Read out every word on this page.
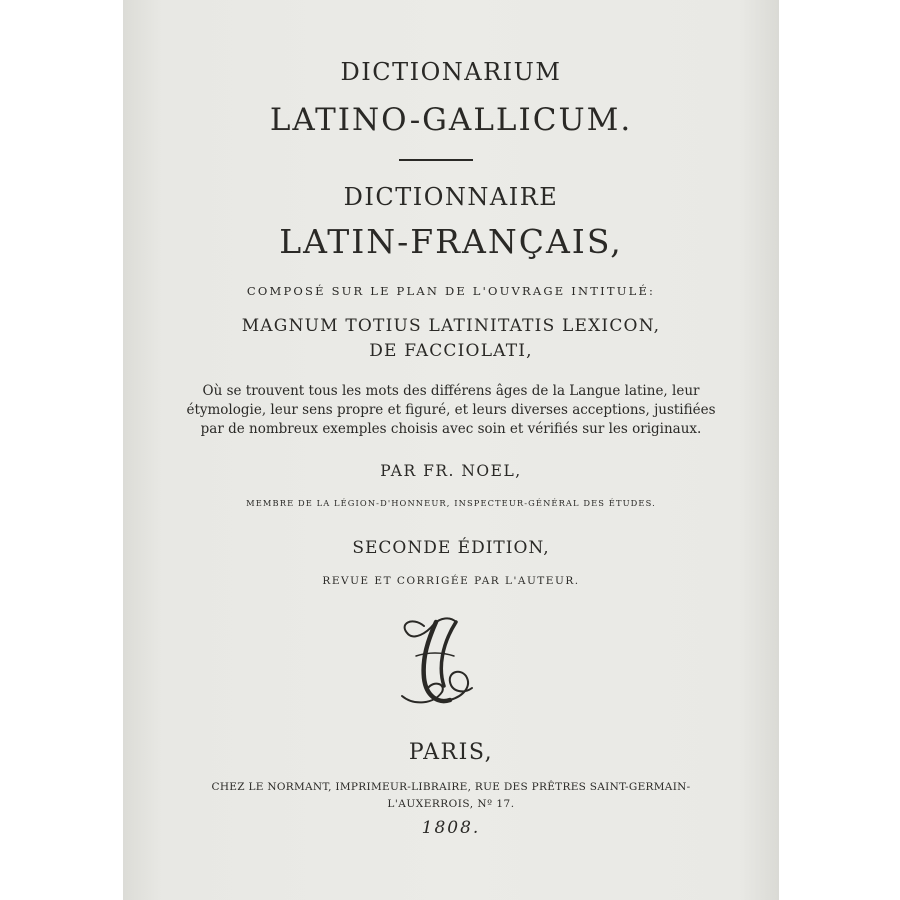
DICTIONARIUM
LATINO-GALLICUM.
DICTIONNAIRE
LATIN-FRANÇAIS,
COMPOSÉ SUR LE PLAN DE L'OUVRAGE INTITULÉ:
MAGNUM TOTIUS LATINITATIS LEXICON,
DE FACCIOLATI,
Où se trouvent tous les mots des différens âges de la Langue latine, leur
étymologie, leur sens propre et figuré, et leurs diverses acceptions, justifiées
par de nombreux exemples choisis avec soin et vérifiés sur les originaux.
PAR FR. NOEL,
MEMBRE DE LA LÉGION-D'HONNEUR, INSPECTEUR-GÉNÉRAL DES ÉTUDES.
SECONDE ÉDITION,
REVUE ET CORRIGÉE PAR L'AUTEUR.
PARIS,
CHEZ LE NORMANT, IMPRIMEUR-LIBRAIRE, RUE DES PRÊTRES SAINT-GERMAIN-
L'AUXERROIS, Nº 17.
1808.
